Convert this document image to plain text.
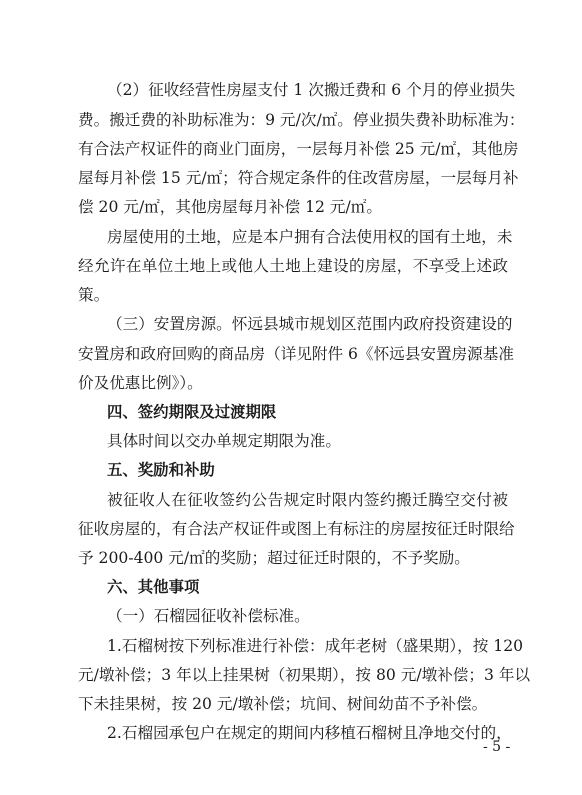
（2）征收经营性房屋支付 1 次搬迁费和 6 个月的停业损失
费。搬迁费的补助标准为：9 元/次/㎡。停业损失费补助标准为：
有合法产权证件的商业门面房，一层每月补偿 25 元/㎡，其他房
屋每月补偿 15 元/㎡；符合规定条件的住改营房屋，一层每月补
偿 20 元/㎡，其他房屋每月补偿 12 元/㎡。
房屋使用的土地，应是本户拥有合法使用权的国有土地，未
经允许在单位土地上或他人土地上建设的房屋，不享受上述政
策。
（三）安置房源。怀远县城市规划区范围内政府投资建设的
安置房和政府回购的商品房（详见附件 6《怀远县安置房源基准
价及优惠比例》）。
四、签约期限及过渡期限
具体时间以交办单规定期限为准。
五、奖励和补助
被征收人在征收签约公告规定时限内签约搬迁腾空交付被
征收房屋的，有合法产权证件或图上有标注的房屋按征迁时限给
予 200-400 元/㎡的奖励；超过征迁时限的，不予奖励。
六、其他事项
（一）石榴园征收补偿标准。
1.石榴树按下列标准进行补偿：成年老树（盛果期），按 120
元/墩补偿；3 年以上挂果树（初果期），按 80 元/墩补偿；3 年以
下未挂果树，按 20 元/墩补偿；坑间、树间幼苗不予补偿。
2.石榴园承包户在规定的期间内移植石榴树且净地交付的，
- 5 -
